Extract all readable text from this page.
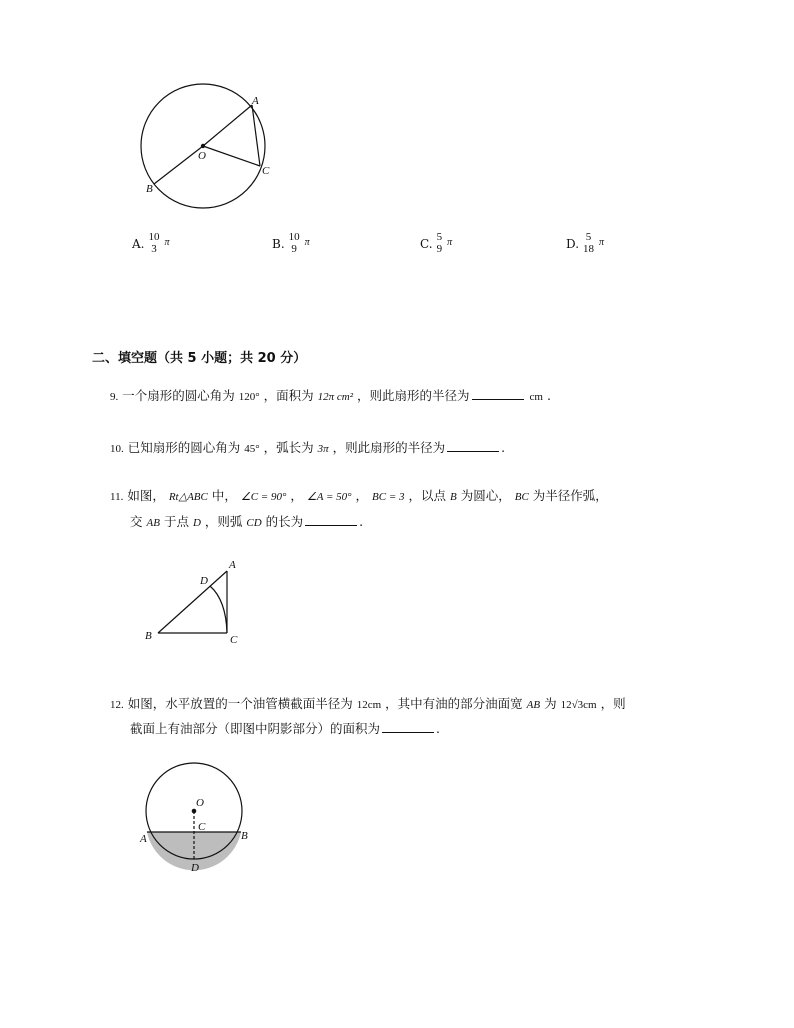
A
O
C
B
A. 10
3 π	B. 10
9 π	C. 5
9 π	D. 5
18 π
二、填空题（共 5 小题；共 20 分）
9. 一个扇形的圆心角为 120° ，面积为 12π cm² ，则此扇形的半径为	cm .
10. 已知扇形的圆心角为 45° ，弧长为 3π ，则此扇形的半径为	.
11. 如图， Rt△ABC 中， ∠C = 90° ， ∠A = 50° ， BC = 3 ，以点 B 为圆心， BC 为半径作弧，
交 AB 于点 D ，则弧 CD 的长为	.
A
D
B	C
12. 如图，水平放置的一个油管横截面半径为 12cm ，其中有油的部分油面宽 AB 为 12√3cm ，则
截面上有油部分（即图中阴影部分）的面积为	.
O
C
A	B
D
